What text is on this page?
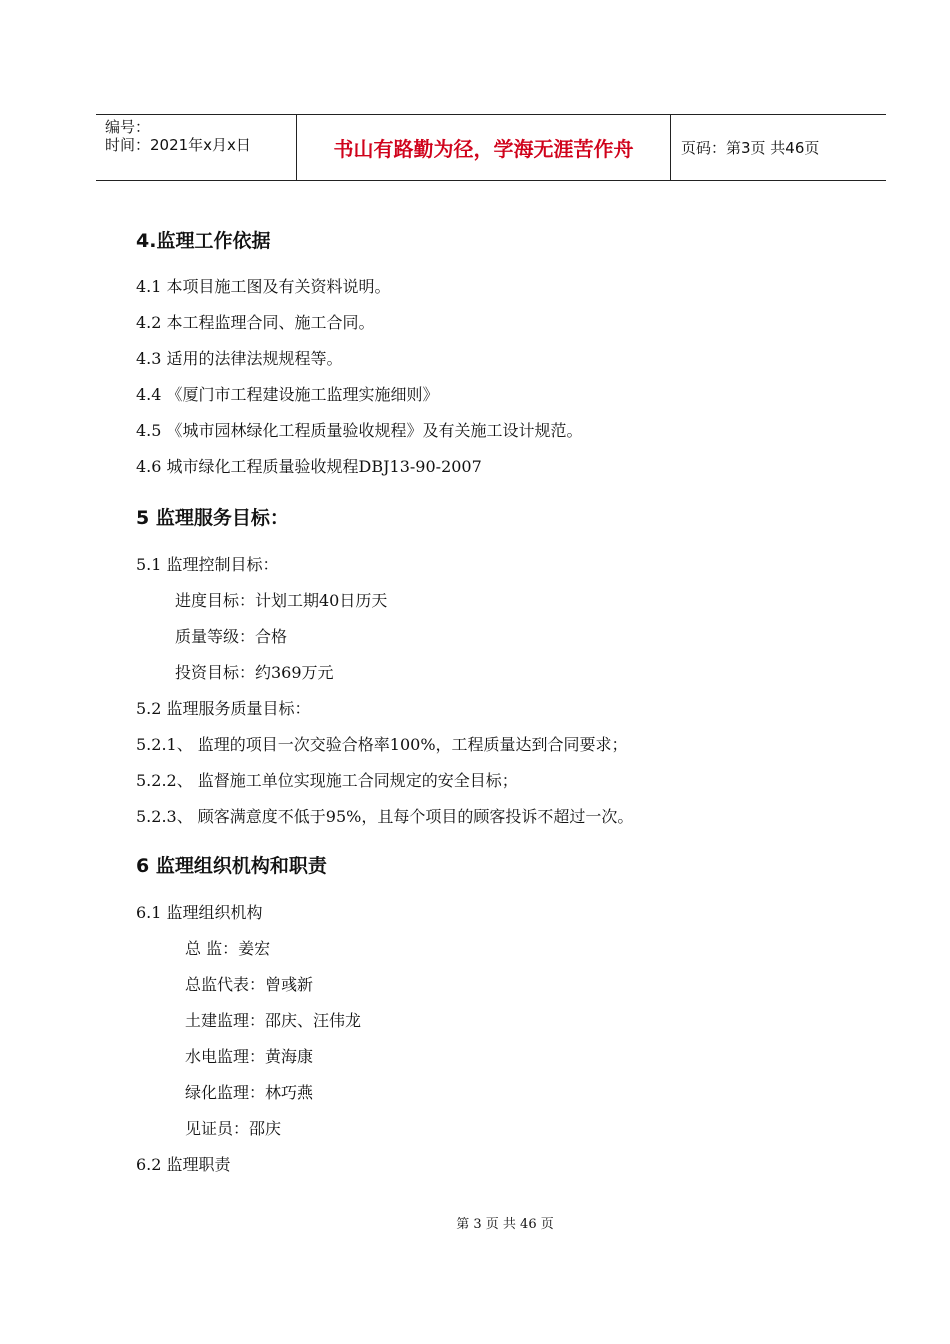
编号：
时间：2021年x月x日	书山有路勤为径，学海无涯苦作舟	页码：第3页 共46页
4.监理工作依据
4.1 本项目施工图及有关资料说明。
4.2 本工程监理合同、施工合同。
4.3 适用的法律法规规程等。
4.4 《厦门市工程建设施工监理实施细则》
4.5 《城市园林绿化工程质量验收规程》及有关施工设计规范。
4.6 城市绿化工程质量验收规程DBJ13-90-2007
5 监理服务目标：
5.1 监理控制目标：
进度目标：计划工期40日历天
质量等级：合格
投资目标：约369万元
5.2 监理服务质量目标：
5.2.1、 监理的项目一次交验合格率100%，工程质量达到合同要求；
5.2.2、 监督施工单位实现施工合同规定的安全目标；
5.2.3、 顾客满意度不低于95%，且每个项目的顾客投诉不超过一次。
6 监理组织机构和职责
6.1 监理组织机构
总 监：姜宏
总监代表：曾彧新
土建监理：邵庆、汪伟龙
水电监理：黄海康
绿化监理：林巧燕
见证员：邵庆
6.2 监理职责
第 3 页 共 46 页
